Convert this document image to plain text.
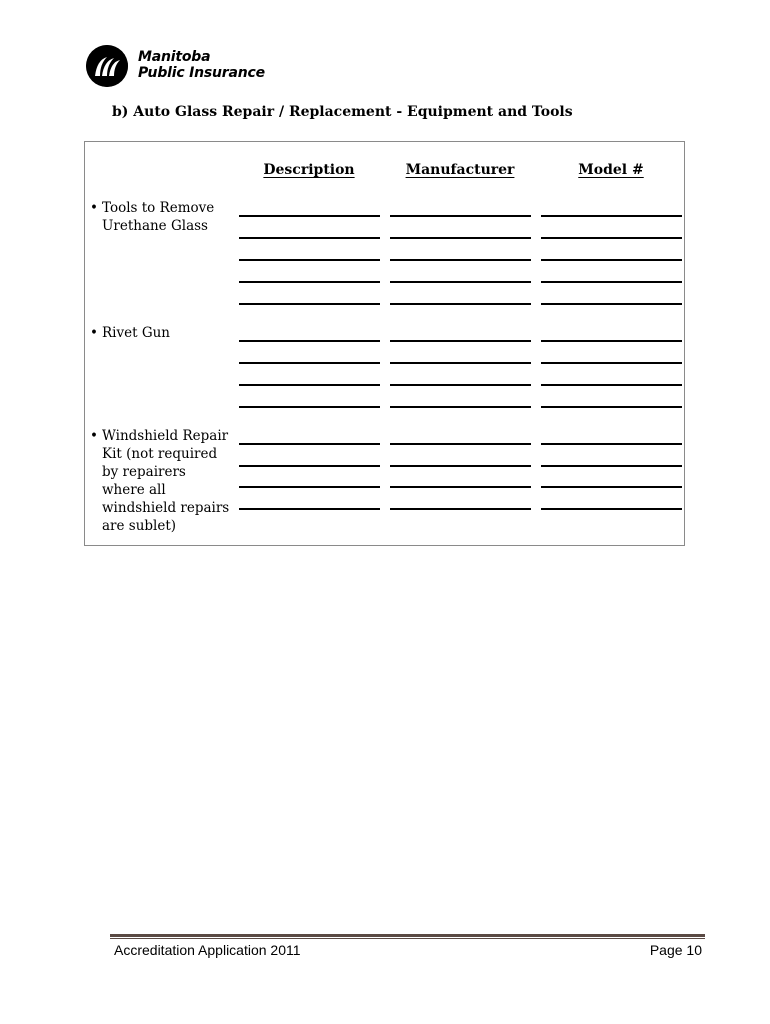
Manitoba
Public Insurance
b) Auto Glass Repair / Replacement - Equipment and Tools
Description	Manufacturer	Model #
• Tools to Remove Urethane Glass
• Rivet Gun
• Windshield Repair Kit (not required by repairers where all windshield repairs are sublet)
Accreditation Application 2011	Page 10
